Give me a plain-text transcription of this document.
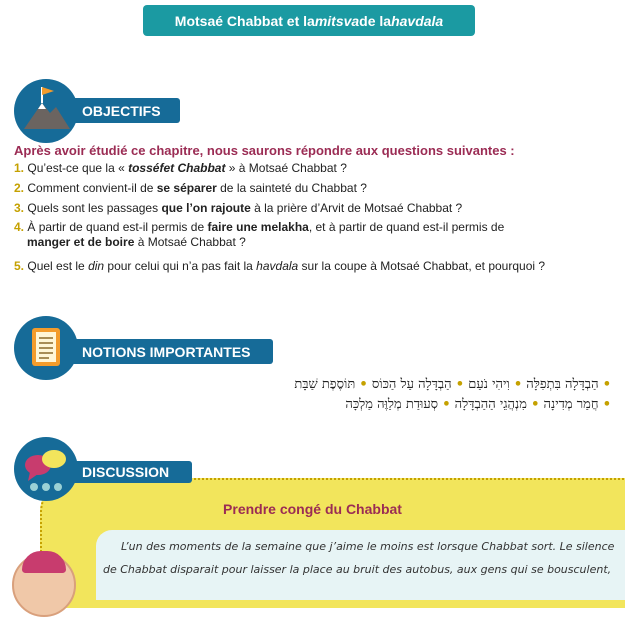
Motsaé Chabbat et la mitsva de la havdala
OBJECTIFS
Après avoir étudié ce chapitre, nous saurons répondre aux questions suivantes :
1. Qu’est-ce que la « tosséfet Chabbat » à Motsaé Chabbat ?
2. Comment convient-il de se séparer de la sainteté du Chabbat ?
3. Quels sont les passages que l’on rajoute à la prière d’Arvit de Motsaé Chabbat ?
4. À partir de quand est-il permis de faire une melakha, et à partir de quand est-il permis de
manger et de boire à Motsaé Chabbat ?
5. Quel est le din pour celui qui n’a pas fait la havdala sur la coupe à Motsaé Chabbat, et pourquoi ?
NOTIONS IMPORTANTES
• הַבְדָּלָה בִּתְפִלָּה • וִיהִי נֹעַם • הַבְדָּלָה עַל הַכּוֹס • תּוֹסֶפֶת שַׁבָּת
• חֲמַר מְדִינָה • מִנְהֲגֵי הַהַבְדָּלָה • סְעוּדַת מְלַוֶּה מַלְכָּה
DISCUSSION
Prendre congé du Chabbat
L’un des moments de la semaine que j’aime le moins est lorsque Chabbat sort. Le silence
de Chabbat disparait pour laisser la place au bruit des autobus, aux gens qui se bousculent,
